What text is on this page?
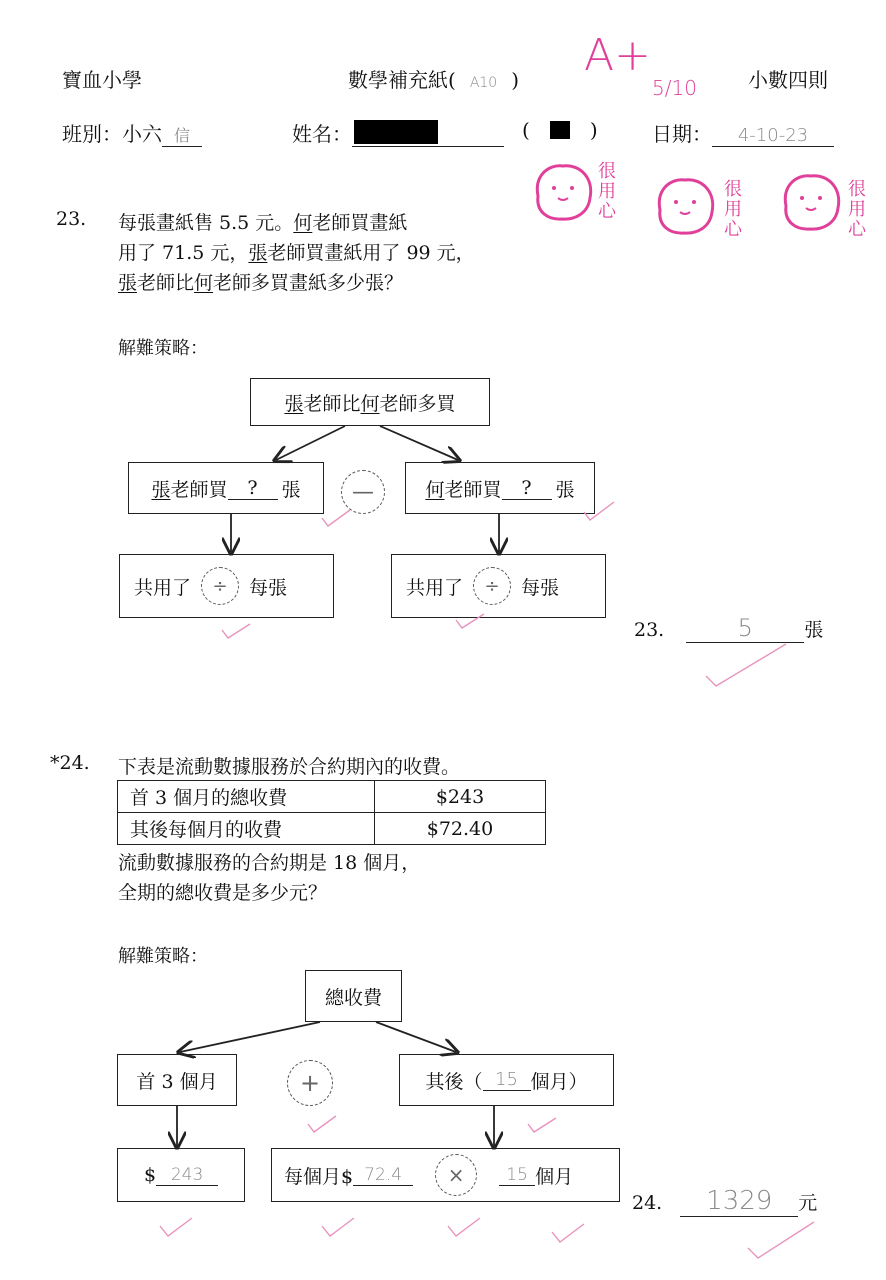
寶血小學	數學補充紙( A10 ) A+
5/10	小數四則
班別：小六 信	姓名：
	(	)	日期： 4-10-23
很用心
很用心
很用心
23. 每張畫紙售 5.5 元。何老師買畫紙
用了 71.5 元，張老師買畫紙用了 99 元，
張老師比何老師多買畫紙多少張？
解難策略：
張 老師比 何 老師多買
張 老師買	?	張	—	何 老師買	?	張
共用了	÷	每張	共用了	÷	每張
23.	5	張
*24. 下表是流動數據服務於合約期內的收費。
首 3 個月的總收費	$243
其後每個月的收費	$72.40
流動數據服務的合約期是 18 個月，
全期的總收費是多少元？
解難策略：
總收費
首 3 個月	+	其後（ 15 個月）
$ 243	每個月$ 72.4	×	15 個月
24. 1329 元
